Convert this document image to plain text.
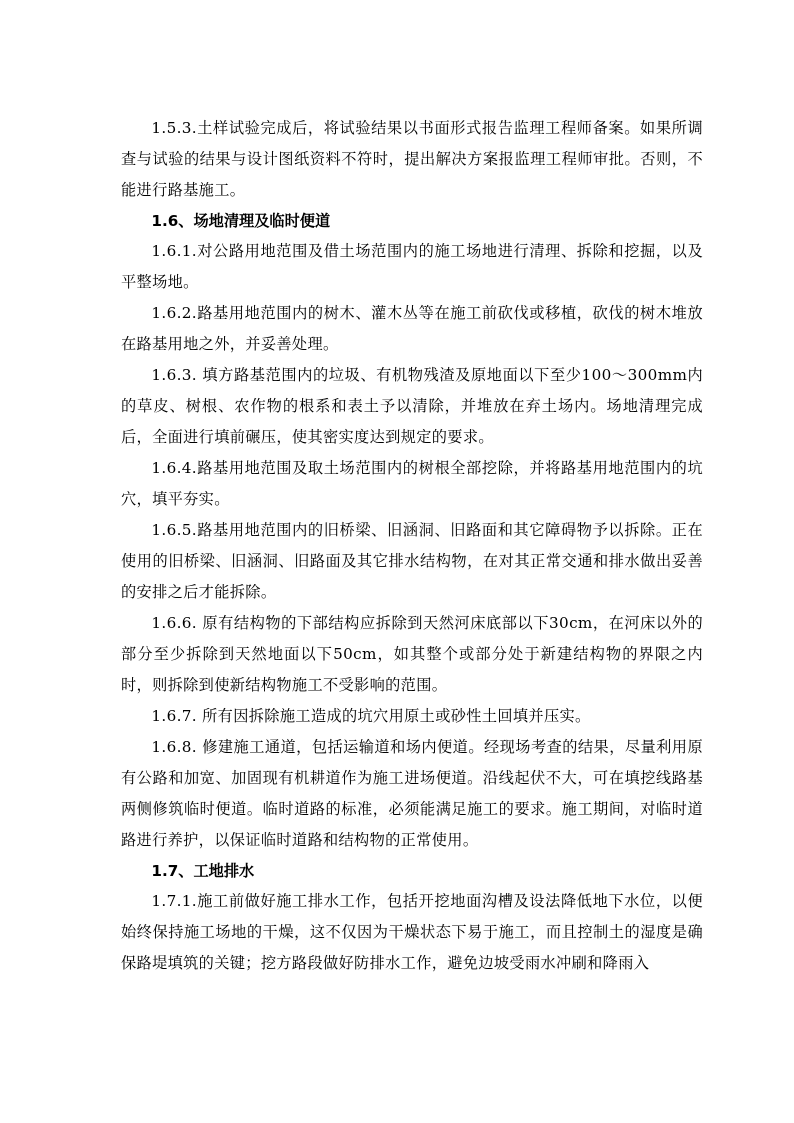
1.5.3.土样试验完成后，将试验结果以书面形式报告监理工程师备案。如果所调查与试验的结果与设计图纸资料不符时，提出解决方案报监理工程师审批。否则，不能进行路基施工。

1.6、场地清理及临时便道

1.6.1.对公路用地范围及借土场范围内的施工场地进行清理、拆除和挖掘，以及平整场地。

1.6.2.路基用地范围内的树木、灌木丛等在施工前砍伐或移植，砍伐的树木堆放在路基用地之外，并妥善处理。

1.6.3. 填方路基范围内的垃圾、有机物残渣及原地面以下至少100～300mm内的草皮、树根、农作物的根系和表土予以清除，并堆放在弃土场内。场地清理完成后，全面进行填前碾压，使其密实度达到规定的要求。

1.6.4.路基用地范围及取土场范围内的树根全部挖除，并将路基用地范围内的坑穴，填平夯实。

1.6.5.路基用地范围内的旧桥梁、旧涵洞、旧路面和其它障碍物予以拆除。正在使用的旧桥梁、旧涵洞、旧路面及其它排水结构物，在对其正常交通和排水做出妥善的安排之后才能拆除。

1.6.6. 原有结构物的下部结构应拆除到天然河床底部以下30cm，在河床以外的部分至少拆除到天然地面以下50cm，如其整个或部分处于新建结构物的界限之内时，则拆除到使新结构物施工不受影响的范围。

1.6.7. 所有因拆除施工造成的坑穴用原土或砂性土回填并压实。

1.6.8. 修建施工通道，包括运输道和场内便道。经现场考查的结果，尽量利用原有公路和加宽、加固现有机耕道作为施工进场便道。沿线起伏不大，可在填挖线路基两侧修筑临时便道。临时道路的标准，必须能满足施工的要求。施工期间，对临时道路进行养护，以保证临时道路和结构物的正常使用。

1.7、工地排水

1.7.1.施工前做好施工排水工作，包括开挖地面沟槽及设法降低地下水位，以便始终保持施工场地的干燥，这不仅因为干燥状态下易于施工，而且控制土的湿度是确保路堤填筑的关键；挖方路段做好防排水工作，避免边坡受雨水冲刷和降雨入
